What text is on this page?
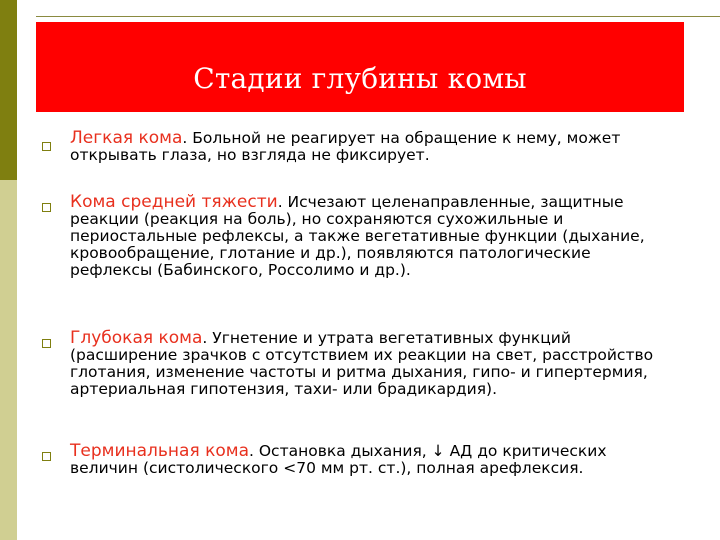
Стадии глубины комы
Легкая кома. Больной не реагирует на обращение к нему, может открывать глаза, но взгляда не фиксирует.
Кома средней тяжести. Исчезают целенаправленные, защитные реакции (реакция на боль), но сохраняются сухожильные и периостальные рефлексы, а также вегетативные функции (дыхание, кровообращение, глотание и др.), появляются патологические рефлексы (Бабинского, Россолимо и др.).
Глубокая кома. Угнетение и утрата вегетативных функций (расширение зрачков с отсутствием их реакции на свет, расстройство глотания, изменение частоты и ритма дыхания, гипо- и гипертермия, артериальная гипотензия, тахи- или брадикардия).
Терминальная кома. Остановка дыхания, ↓ АД до критических величин (систолического <70 мм рт. ст.), полная арефлексия.
